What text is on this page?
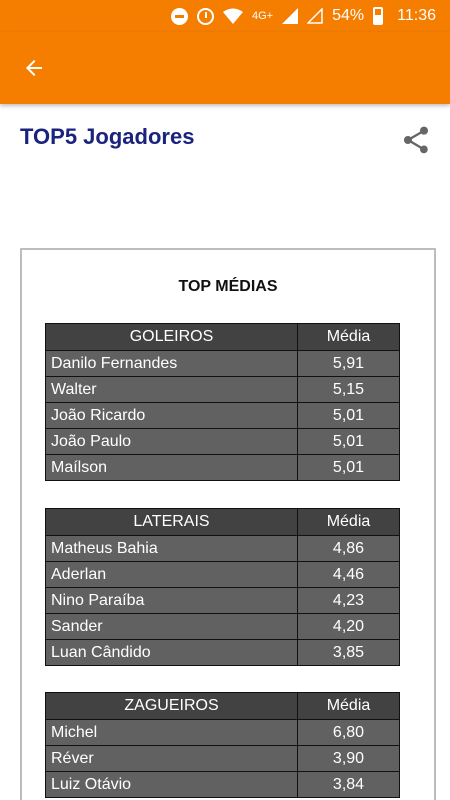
4G+	54% 11:36
TOP5 Jogadores
TOP MÉDIAS
GOLEIROS	Média
Danilo Fernandes	5,91
Walter	5,15
João Ricardo	5,01
João Paulo	5,01
Maílson	5,01
LATERAIS	Média
Matheus Bahia	4,86
Aderlan	4,46
Nino Paraíba	4,23
Sander	4,20
Luan Cândido	3,85
ZAGUEIROS	Média
Michel	6,80
Réver	3,90
Luiz Otávio	3,84
